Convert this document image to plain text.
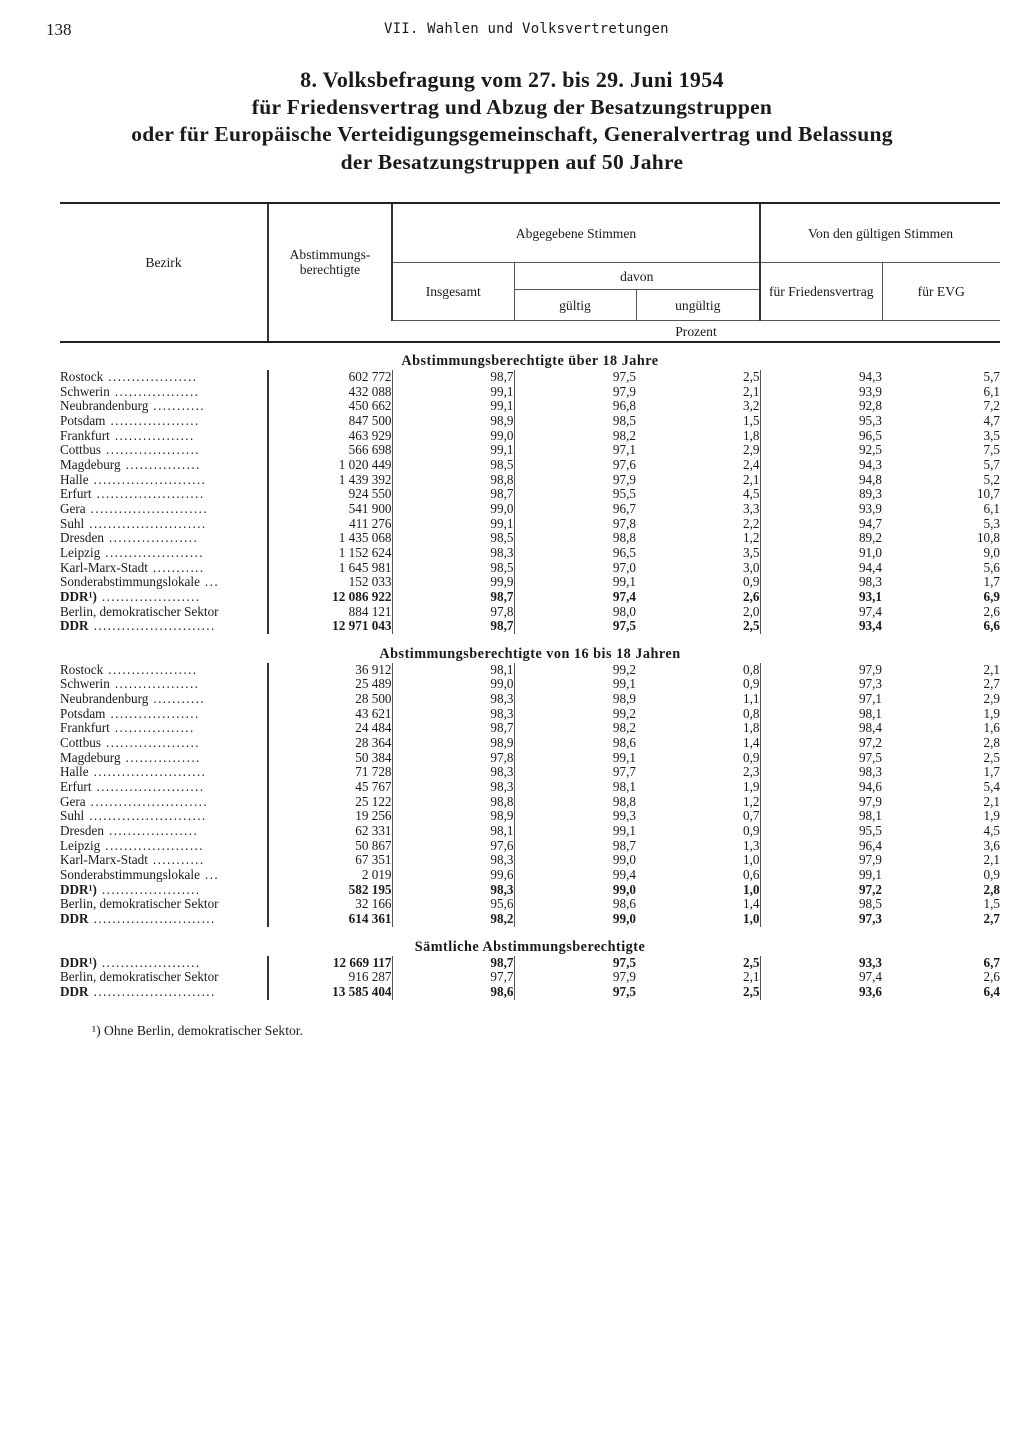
138	VII. Wahlen und Volksvertretungen
8. Volksbefragung vom 27. bis 29. Juni 1954
für Friedensvertrag und Abzug der Besatzungstruppen
oder für Europäische Verteidigungsgemeinschaft, Generalvertrag und Belassung
der Besatzungstruppen auf 50 Jahre
Bezirk	Abstimmungs-berechtigte	Abgegebene Stimmen			Von den gültigen Stimmen	
		Insgesamt	davon		für Friedensvertrag	für EVG
			gültig	ungültig		
		Prozent				
Abstimmungsberechtigte über 18 Jahre						
Rostock ...................	602 772	98,7	97,5	2,5	94,3	5,7
Schwerin ..................	432 088	99,1	97,9	2,1	93,9	6,1
Neubrandenburg ...........	450 662	99,1	96,8	3,2	92,8	7,2
Potsdam ...................	847 500	98,9	98,5	1,5	95,3	4,7
Frankfurt .................	463 929	99,0	98,2	1,8	96,5	3,5
Cottbus ....................	566 698	99,1	97,1	2,9	92,5	7,5
Magdeburg ................	1 020 449	98,5	97,6	2,4	94,3	5,7
Halle ........................	1 439 392	98,8	97,9	2,1	94,8	5,2
Erfurt .......................	924 550	98,7	95,5	4,5	89,3	10,7
Gera .........................	541 900	99,0	96,7	3,3	93,9	6,1
Suhl .........................	411 276	99,1	97,8	2,2	94,7	5,3
Dresden ...................	1 435 068	98,5	98,8	1,2	89,2	10,8
Leipzig .....................	1 152 624	98,3	96,5	3,5	91,0	9,0
Karl-Marx-Stadt ...........	1 645 981	98,5	97,0	3,0	94,4	5,6
Sonderabstimmungslokale ...	152 033	99,9	99,1	0,9	98,3	1,7
DDR¹) .....................	12 086 922	98,7	97,4	2,6	93,1	6,9
Berlin, demokratischer Sektor	884 121	97,8	98,0	2,0	97,4	2,6
DDR ..........................	12 971 043	98,7	97,5	2,5	93,4	6,6
Abstimmungsberechtigte von 16 bis 18 Jahren						
Rostock ...................	36 912	98,1	99,2	0,8	97,9	2,1
Schwerin ..................	25 489	99,0	99,1	0,9	97,3	2,7
Neubrandenburg ...........	28 500	98,3	98,9	1,1	97,1	2,9
Potsdam ...................	43 621	98,3	99,2	0,8	98,1	1,9
Frankfurt .................	24 484	98,7	98,2	1,8	98,4	1,6
Cottbus ....................	28 364	98,9	98,6	1,4	97,2	2,8
Magdeburg ................	50 384	97,8	99,1	0,9	97,5	2,5
Halle ........................	71 728	98,3	97,7	2,3	98,3	1,7
Erfurt .......................	45 767	98,3	98,1	1,9	94,6	5,4
Gera .........................	25 122	98,8	98,8	1,2	97,9	2,1
Suhl .........................	19 256	98,9	99,3	0,7	98,1	1,9
Dresden ...................	62 331	98,1	99,1	0,9	95,5	4,5
Leipzig .....................	50 867	97,6	98,7	1,3	96,4	3,6
Karl-Marx-Stadt ...........	67 351	98,3	99,0	1,0	97,9	2,1
Sonderabstimmungslokale ...	2 019	99,6	99,4	0,6	99,1	0,9
DDR¹) .....................	582 195	98,3	99,0	1,0	97,2	2,8
Berlin, demokratischer Sektor	32 166	95,6	98,6	1,4	98,5	1,5
DDR ..........................	614 361	98,2	99,0	1,0	97,3	2,7
Sämtliche Abstimmungsberechtigte						
DDR¹) .....................	12 669 117	98,7	97,5	2,5	93,3	6,7
Berlin, demokratischer Sektor	916 287	97,7	97,9	2,1	97,4	2,6
DDR ..........................	13 585 404	98,6	97,5	2,5	93,6	6,4
¹) Ohne Berlin, demokratischer Sektor.
